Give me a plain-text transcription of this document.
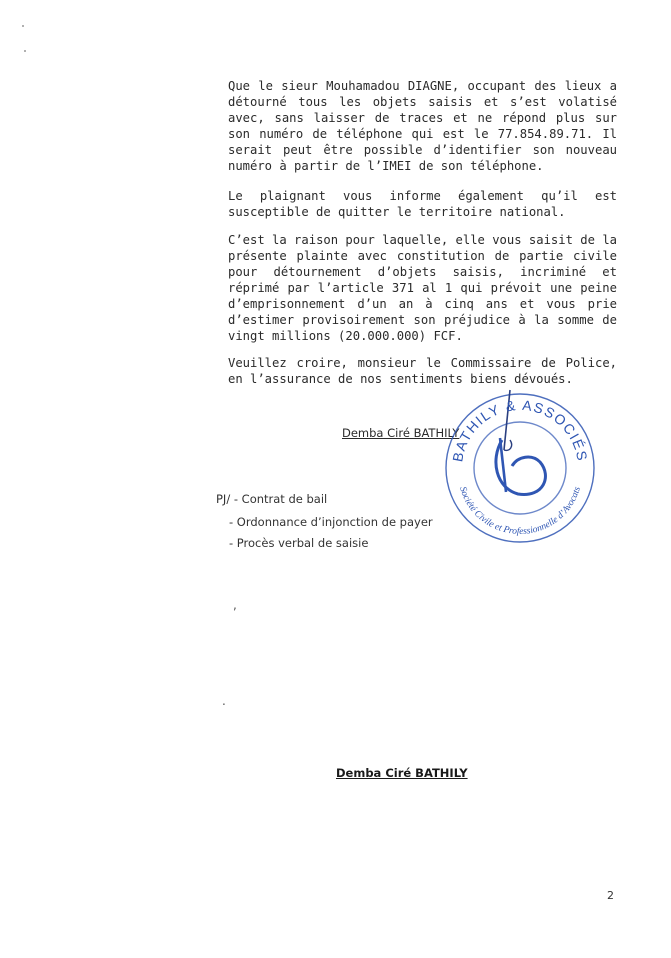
Que le sieur Mouhamadou DIAGNE, occupant des lieux a détourné tous les objets saisis et s’est volatisé avec, sans laisser de traces et ne répond plus sur son numéro de téléphone qui est le 77.854.89.71. Il serait peut être possible d’identifier son nouveau numéro à partir de l’IMEI de son téléphone.

Le plaignant vous informe également qu’il est susceptible de quitter le territoire national.

C’est la raison pour laquelle, elle vous saisit de la présente plainte avec constitution de partie civile pour détournement d’objets saisis, incriminé et réprimé par l’article 371 al 1 qui prévoit une peine d’emprisonnement d’un an à cinq ans et vous prie d’estimer provisoirement son préjudice à la somme de vingt millions (20.000.000) FCF.

Veuillez croire, monsieur le Commissaire de Police, en l’assurance de nos sentiments biens dévoués.

Demba Ciré BATHILY
BATHILY & ASSOCIÉS
Société Civile et Professionnelle d’Avocats
PJ/ - Contrat de bail
- Ordonnance d’injonction de payer
- Procès verbal de saisie
,
.
Demba Ciré BATHILY
2
